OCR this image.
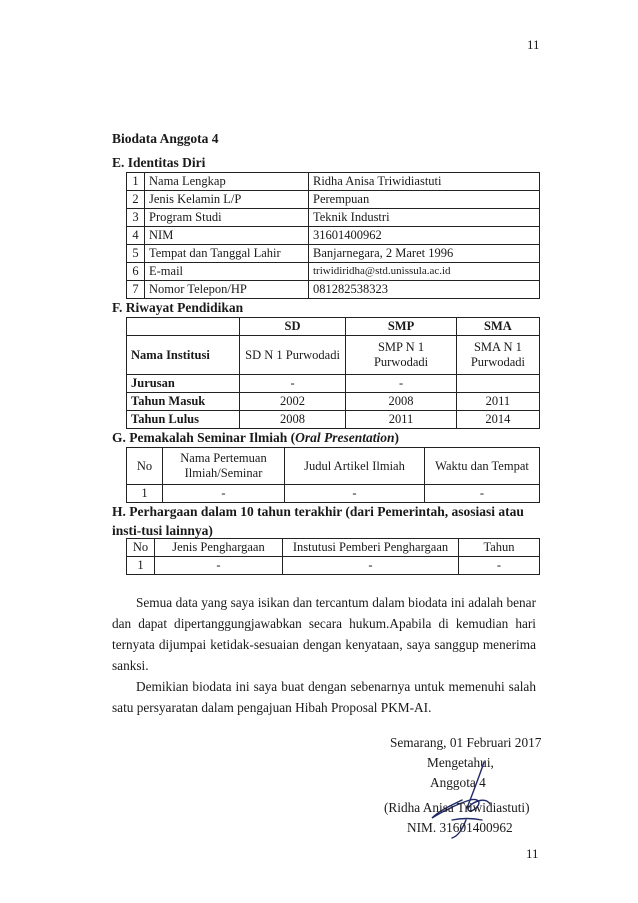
11
Biodata Anggota 4
E. Identitas Diri
1	Nama Lengkap	Ridha Anisa Triwidiastuti
2	Jenis Kelamin L/P	Perempuan
3	Program Studi	Teknik Industri
4	NIM	31601400962
5	Tempat dan Tanggal Lahir	Banjarnegara, 2 Maret 1996
6	E-mail	triwidiridha@std.unissula.ac.id
7	Nomor Telepon/HP	081282538323
F. Riwayat Pendidikan
	SD	SMP	SMA
Nama Institusi	SD N 1 Purwodadi	SMP N 1 Purwodadi	SMA N 1 Purwodadi
Jurusan	-	-	
Tahun Masuk	2002	2008	2011
Tahun Lulus	2008	2011	2014
G. Pemakalah Seminar Ilmiah (Oral Presentation)
No	Nama Pertemuan Ilmiah/Seminar	Judul Artikel Ilmiah	Waktu dan Tempat
1	-	-	-
H. Perhargaan dalam 10 tahun terakhir (dari Pemerintah, asosiasi atau insti-tusi lainnya)
No	Jenis Penghargaan	Instutusi Pemberi Penghargaan	Tahun
1	-	-	-
Semua data yang saya isikan dan tercantum dalam biodata ini adalah benar dan dapat dipertanggungjawabkan secara hukum.Apabila di kemudian hari ternyata dijumpai ketidak-sesuaian dengan kenyataan, saya sanggup menerima sanksi.
Demikian biodata ini saya buat dengan sebenarnya untuk memenuhi salah satu persyaratan dalam pengajuan Hibah Proposal PKM-AI.
Semarang, 01 Februari 2017
Mengetahui,
Anggota 4
(Ridha Anisa Triwidiastuti)
NIM. 31601400962
11
